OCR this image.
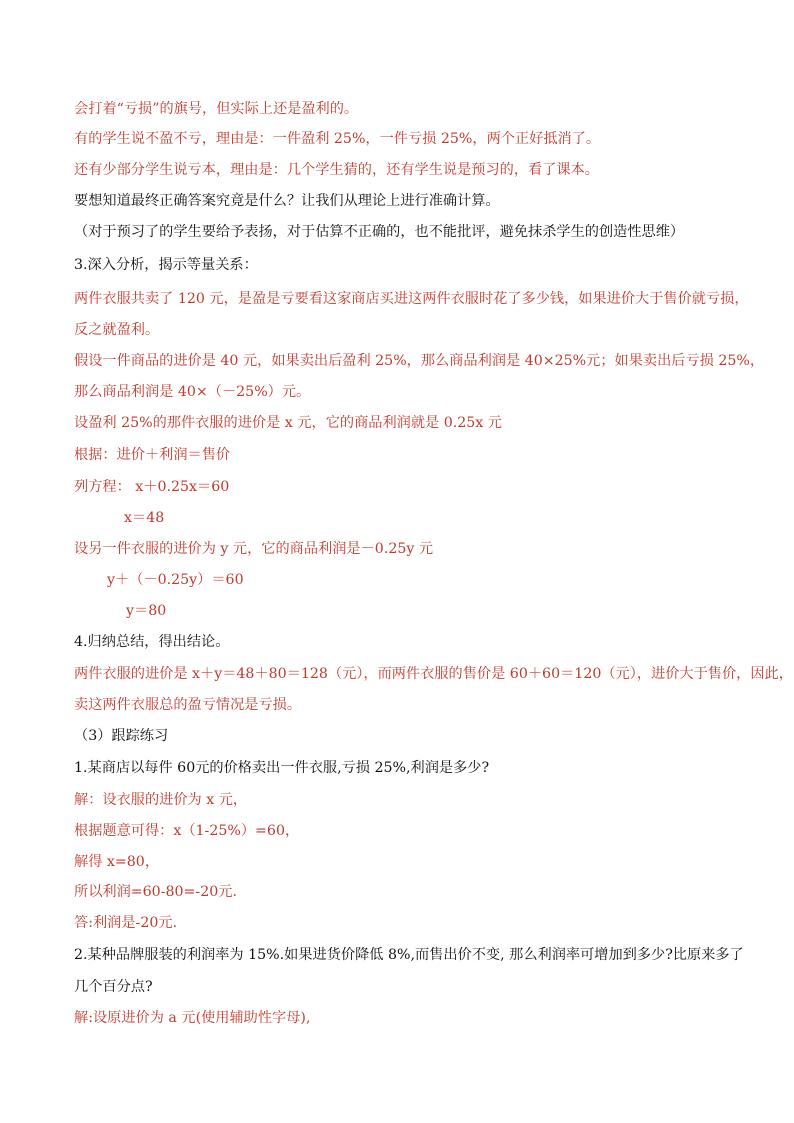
会打着“亏损”的旗号，但实际上还是盈利的。
有的学生说不盈不亏，理由是：一件盈利 25%，一件亏损 25%，两个正好抵消了。
还有少部分学生说亏本，理由是：几个学生猜的，还有学生说是预习的，看了课本。
要想知道最终正确答案究竟是什么？让我们从理论上进行准确计算。
（对于预习了的学生要给予表扬，对于估算不正确的，也不能批评，避免抹杀学生的创造性思维）
3.深入分析，揭示等量关系：
两件衣服共卖了 120 元，是盈是亏要看这家商店买进这两件衣服时花了多少钱，如果进价大于售价就亏损，
反之就盈利。
假设一件商品的进价是 40 元，如果卖出后盈利 25%，那么商品利润是 40×25%元；如果卖出后亏损 25%，
那么商品利润是 40×（－25%）元。
设盈利 25%的那件衣服的进价是 x 元，它的商品利润就是 0.25x 元
根据：进价＋利润＝售价
列方程： x＋0.25x＝60
x＝48
设另一件衣服的进价为 y 元，它的商品利润是－0.25y 元
y＋（－0.25y）＝60
y＝80
4.归纳总结，得出结论。
两件衣服的进价是 x＋y＝48＋80＝128（元），而两件衣服的售价是 60＋60＝120（元），进价大于售价，因此，
卖这两件衣服总的盈亏情况是亏损。
（3）跟踪练习
1.某商店以每件 60元的价格卖出一件衣服,亏损 25%,利润是多少?
解：设衣服的进价为 x 元，
根据题意可得：x（1-25%）=60，
解得 x=80，
所以利润=60-80=-20元.
答:利润是-20元.
2.某种品牌服装的利润率为 15%.如果进货价降低 8%,而售出价不变, 那么利润率可增加到多少?比原来多了
几个百分点?
解:设原进价为 a 元(使用辅助性字母),
